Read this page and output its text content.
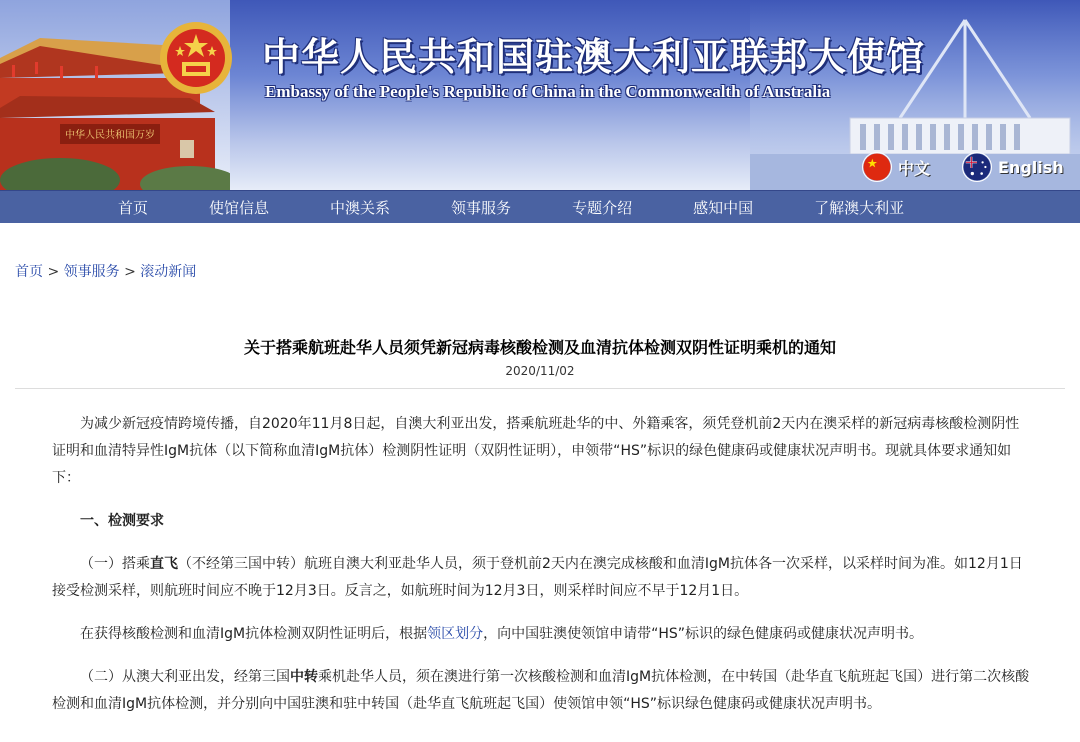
中华人民共和国万岁
中华人民共和国驻澳大利亚联邦大使馆
Embassy of the People's Republic of China in the Commonwealth of Australia
中文	English
首页	使馆信息	中澳关系	领事服务	专题介绍	感知中国	了解澳大利亚
首页 > 领事服务 > 滚动新闻
关于搭乘航班赴华人员须凭新冠病毒核酸检测及血清抗体检测双阴性证明乘机的通知
2020/11/02

为减少新冠疫情跨境传播，自2020年11月8日起，自澳大利亚出发，搭乘航班赴华的中、外籍乘客，须凭登机前2天内在澳采样的新冠病毒核酸检测阴性证明和血清特异性IgM抗体（以下简称血清IgM抗体）检测阴性证明（双阴性证明），申领带“HS”标识的绿色健康码或健康状况声明书。现就具体要求通知如下：

一、检测要求

（一）搭乘直飞（不经第三国中转）航班自澳大利亚赴华人员，须于登机前2天内在澳完成核酸和血清IgM抗体各一次采样，以采样时间为准。如12月1日接受检测采样，则航班时间应不晚于12月3日。反言之，如航班时间为12月3日，则采样时间应不早于12月1日。

在获得核酸检测和血清IgM抗体检测双阴性证明后，根据领区划分，向中国驻澳使领馆申请带“HS”标识的绿色健康码或健康状况声明书。

（二）从澳大利亚出发，经第三国中转乘机赴华人员，须在澳进行第一次核酸检测和血清IgM抗体检测，在中转国（赴华直飞航班起飞国）进行第二次核酸检测和血清IgM抗体检测，并分别向中国驻澳和驻中转国（赴华直飞航班起飞国）使领馆申领“HS”标识绿色健康码或健康状况声明书。
